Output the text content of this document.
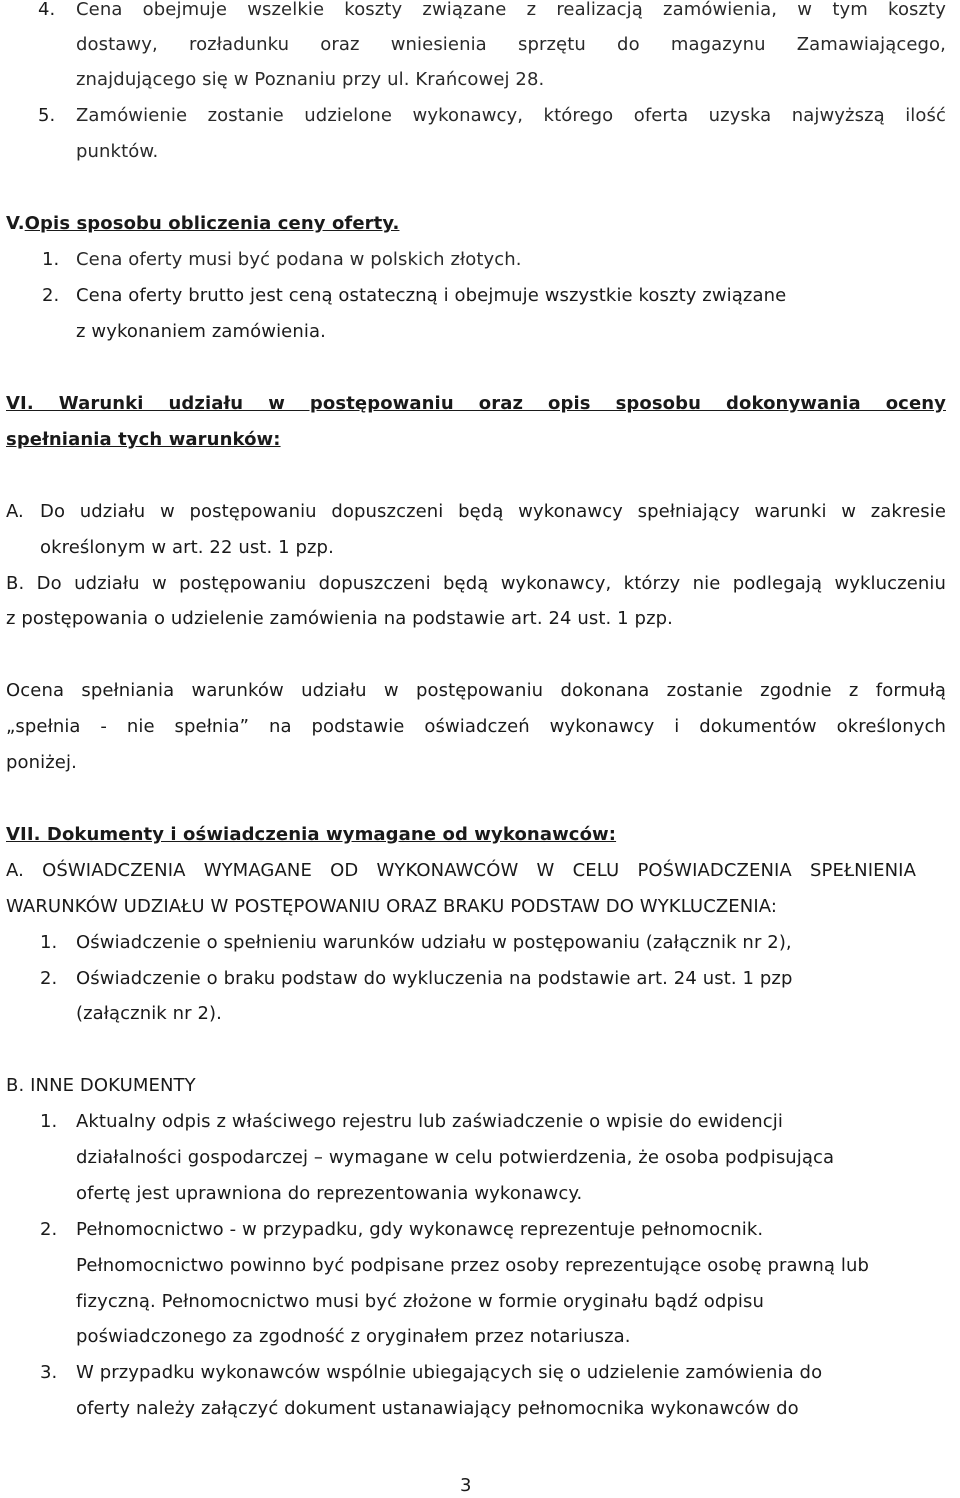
4. Cena obejmuje wszelkie koszty związane z realizacją zamówienia, w tym koszty
dostawy, rozładunku oraz wniesienia sprzętu do magazynu Zamawiającego,
znajdującego się w Poznaniu przy ul. Krańcowej 28.
5. Zamówienie zostanie udzielone wykonawcy, którego oferta uzyska najwyższą ilość
punktów.
V.Opis sposobu obliczenia ceny oferty.
1. Cena oferty musi być podana w polskich złotych.
2. Cena oferty brutto jest ceną ostateczną i obejmuje wszystkie koszty związane
z wykonaniem zamówienia.
VI. Warunki udziału w postępowaniu oraz opis sposobu dokonywania oceny
spełniania tych warunków:
A. Do udziału w postępowaniu dopuszczeni będą wykonawcy spełniający warunki w zakresie
określonym w art. 22 ust. 1 pzp.
B. Do udziału w postępowaniu dopuszczeni będą wykonawcy, którzy nie podlegają wykluczeniu
z postępowania o udzielenie zamówienia na podstawie art. 24 ust. 1 pzp.
Ocena spełniania warunków udziału w postępowaniu dokonana zostanie zgodnie z formułą
„spełnia - nie spełnia” na podstawie oświadczeń wykonawcy i dokumentów określonych
poniżej.
VII. Dokumenty i oświadczenia wymagane od wykonawców:
A. OŚWIADCZENIA WYMAGANE OD WYKONAWCÓW W CELU POŚWIADCZENIA SPEŁNIENIA
WARUNKÓW UDZIAŁU W POSTĘPOWANIU ORAZ BRAKU PODSTAW DO WYKLUCZENIA:
1. Oświadczenie o spełnieniu warunków udziału w postępowaniu (załącznik nr 2),
2. Oświadczenie o braku podstaw do wykluczenia na podstawie art. 24 ust. 1 pzp
(załącznik nr 2).
B. INNE DOKUMENTY
1. Aktualny odpis z właściwego rejestru lub zaświadczenie o wpisie do ewidencji
działalności gospodarczej – wymagane w celu potwierdzenia, że osoba podpisująca
ofertę jest uprawniona do reprezentowania wykonawcy.
2. Pełnomocnictwo - w przypadku, gdy wykonawcę reprezentuje pełnomocnik.
Pełnomocnictwo powinno być podpisane przez osoby reprezentujące osobę prawną lub
fizyczną. Pełnomocnictwo musi być złożone w formie oryginału bądź odpisu
poświadczonego za zgodność z oryginałem przez notariusza.
3. W przypadku wykonawców wspólnie ubiegających się o udzielenie zamówienia do
oferty należy załączyć dokument ustanawiający pełnomocnika wykonawców do
3
